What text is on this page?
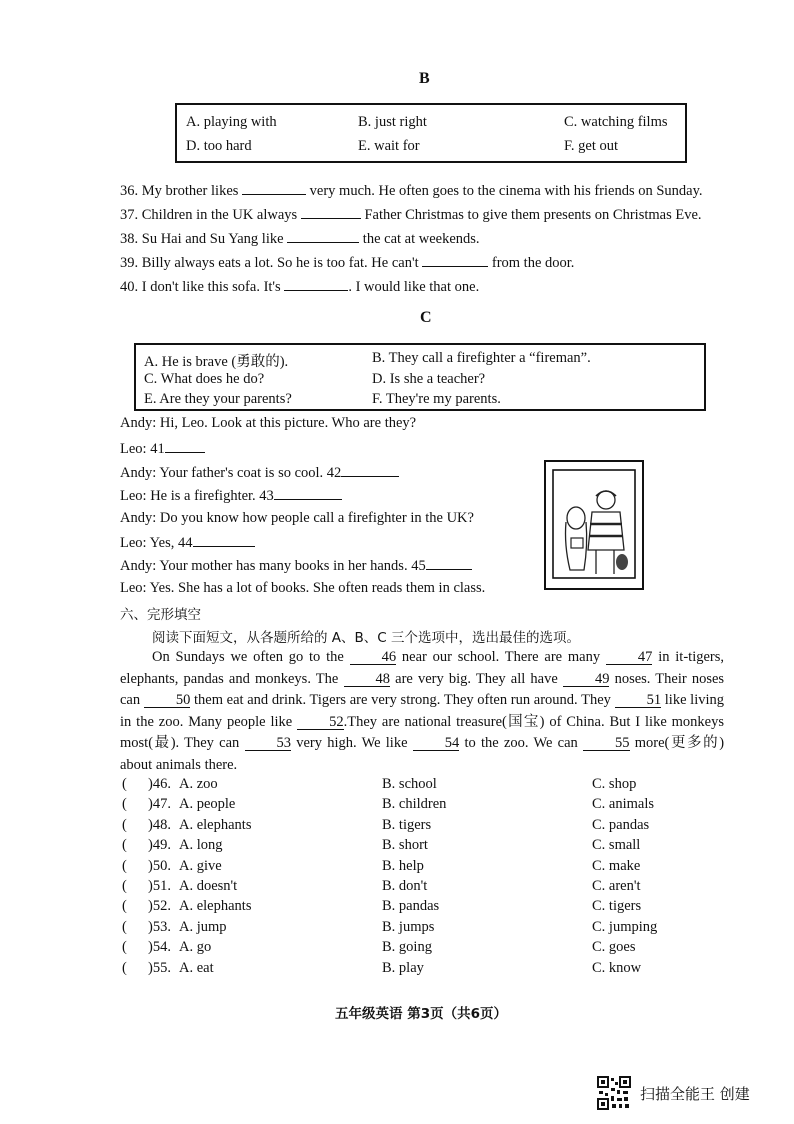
B
A. playing with	B. just right	C. watching films
D. too hard	E. wait for	F. get out
36. My brother likes	very much. He often goes to the cinema with his friends on Sunday.
37. Children in the UK always	Father Christmas to give them presents on Christmas Eve.
38. Su Hai and Su Yang like	the cat at weekends.
39. Billy always eats a lot. So he is too fat. He can't	from the door.
40. I don't like this sofa. It's	. I would like that one.
C
A. He is brave (勇敢的).	B. They call a firefighter a “fireman”.
C. What does he do?	D. Is she a teacher?
E. Are they your parents?	F. They're my parents.
Andy: Hi, Leo. Look at this picture. Who are they?
Leo: 41
Andy: Your father's coat is so cool. 42
Leo: He is a firefighter. 43
Andy: Do you know how people call a firefighter in the UK?
Leo: Yes, 44
Andy: Your mother has many books in her hands. 45
Leo: Yes. She has a lot of books. She often reads them in class.
六、完形填空
阅读下面短文，从各题所给的 A、B、C 三个选项中，选出最佳的选项。

On Sundays we often go to the	46 near our school. There are many	47 in it-tigers, elephants, pandas and monkeys. The	48 are very big. They all have	49 noses. Their noses can 50 them eat and drink. Tigers are very strong. They often run around. They 51 like living in the zoo. Many people like	52.They are national treasure(国宝) of China. But I like monkeys most(最). They can	53 very high. We like	54 to the zoo. We can	55 more(更多的) about animals there.

( )46. A. zoo	B. school	C. shop
( )47. A. people	B. children	C. animals
( )48. A. elephants	B. tigers	C. pandas
( )49. A. long	B. short	C. small
( )50. A. give	B. help	C. make
( )51. A. doesn't	B. don't	C. aren't
( )52. A. elephants	B. pandas	C. tigers
( )53. A. jump	B. jumps	C. jumping
( )54. A. go	B. going	C. goes
( )55. A. eat	B. play	C. know
五年级英语 第3页（共6页）
扫描全能王 创建
